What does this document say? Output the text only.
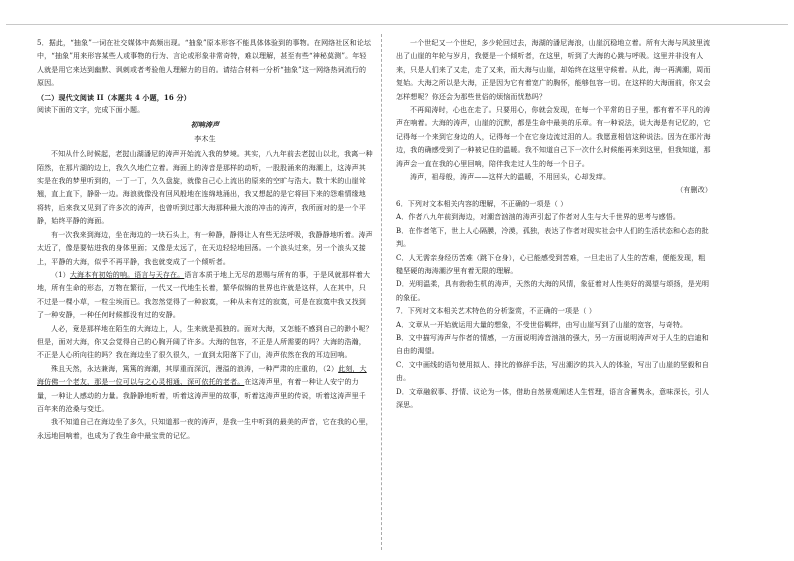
5．据此，“抽象”一词在社交媒体中高频出现。“抽象”原本形容不能具体体验到的事物。在网络社区和论坛中，“抽象”用来形容某些人或事物的行为、言论或形象非常奇特，难以理解，甚至有些“神秘莫测”。年轻人就是用它来达到幽默、讽刺或者考验他人理解力的目的。请结合材料一分析“抽象”这一网络热词流行的原因。

（二）现代文阅读 II（本题共 4 小题，16 分）

阅读下面的文字，完成下面小题。

初响涛声

李木生

不知从什么时候起，老挝山湖潘尼的涛声开始流入我的梦境。其实，八九年前去老挝山以北，我离一种陌然，在那片湖的边上，我久久地伫立着。海面上的涛音是那样的动听，一股股涌来的海潮上，这涛声其实是在我的梦里听到的，一丁一丁，久久盘旋，就像自己心上流出的原来的空旷与浩大。数十米的山崖耸翘，直上直下，静卧一边。海浪就像没有回风般地在连绵地涌出，我又想起的是它将回下来的怨难情缘地将转，后来我又见到了许多次的涛声，也曾听到过那大海那种最大浪的冲击的涛声，我所面对的是一个平静，始终平静的海面。

有一次我来到海边，坐在海边的一块石头上，有一种静，静得让人有些无法呼吸，我静静地听着。涛声太近了，像是要钻进我的身体里面；又像是太远了，在天边轻轻地回荡。一个浪头过来，另一个浪头又接上，平静的大海，似乎不再平静，我也就变成了一个倾听者。

（1）大海本有初始的响。语言与天存在。语言本质于地上无尽的恩赐与所有的事，于是风就那样着大地，所有生命的形态，万物在繁衍，一代又一代地生长着，繁华似锦的世界也许就是这样，人在其中，只不过是一棵小草，一粒尘埃而已。我忽然觉得了一种寂寞，一种从未有过的寂寞，可是在寂寞中我又找到了一种安静，一种任何时候都没有过的安静。

人必，竟是那样地在陌生的大海边上，人，生来就是孤独的。面对大海，又怎能不感到自己的渺小呢？但是，面对大海，你又会觉得自己的心胸开阔了许多。大海的包容，不正是人所需要的吗？大海的浩瀚，不正是人心所向往的吗？我在海边坐了很久很久，一直到太阳落下了山，涛声依然在我的耳边回响。

殊且天然，永达兼海，篤篤的海潮，其厚重而深沉，漫溢的浪涛，一种严肃的庄重的，（2）此刻，大海仿佛一个老友，那是一位可以与之心灵相通、深可依托的老者。在这涛声里，有着一种让人安宁的力量，一种让人感动的力量。我静静地听着，听着这涛声里的故事，听着这涛声里的传说，听着这涛声里千百年来的沧桑与变迁。

我不知道自己在海边坐了多久，只知道那一夜的涛声，是我一生中听到的最美的声音，它在我的心里，永远地回响着，也成为了我生命中最宝贵的记忆。

一个世纪又一个世纪，多少轮回过去，海湖的潘尼海浪，山崖沉稳地立着。所有大海与风波里流出了山崖的年轮与岁月，我便是一个倾听者，在这里，听到了大海的心跳与呼吸。这里并非没有人来，只是人们来了又走，走了又来，而大海与山崖，却始终在这里守候着。从此，海一再满潮，周而复始。大海之所以是大海，正是因为它有着宽广的胸怀，能够包容一切。在这样的大海面前，你又会怎样想呢？你还会为那些世俗的烦恼而忧愁吗？

不再闻涛时，心也在走了。只要用心，你就会发现，在每一个平常的日子里，都有着不平凡的涛声在响着。大海的涛声，山崖的沉默，都是生命中最美的乐章。有一种说法，说大海是有记忆的，它记得每一个来到它身边的人，记得每一个在它身边流过泪的人。我愿意相信这种说法。因为在那片海边，我的确感受到了一种被记住的温暖。我不知道自己下一次什么时候能再来到这里，但我知道，那涛声会一直在我的心里回响，陪伴我走过人生的每一个日子。

涛声，祖母般，涛声——这样大的温暖，不用回头，心却发痒。

（有删改）

6．下列对文本相关内容的理解，不正确的一项是（ ）

A．作者八九年前到海边，对潮音汹汹的涛声引起了作者对人生与大千世界的思考与感悟。

B．在作者笔下，世上人心隔膜，冷漠，孤独，表达了作者对现实社会中人们的生活状态和心态的批判。

C．人无需亲身经历苦难（跳下仓身），心已能感受到苦难，一旦走出了人生的苦难，便能发现，粗糙坚硬的海涛潮汐里有着无限的理解。

D．光明温柔，具有勃勃生机的涛声，天然的大海的风情，象征着对人性美好的渴望与颂扬，是光明的象征。

7．下列对文本相关艺术特色的分析鉴赏，不正确的一项是（ ）

A．文章从一开始就运用大量的想象，不受世俗羁绊，由写山崖写到了山崖的宽容，与奇特。

B．文中描写涛声与作者的情感，一方面说明涛音汹汹的强大，另一方面说明涛声对于人生的启迪和自由的渴望。

C．文中画线的语句使用拟人、排比的修辞手法，写出潮汐的共入人的体验，写出了山崖的坚毅和自由。

D．文章融叙事、抒情、议论为一体，借助自然景观阐述人生哲理，语言含蓄隽永，意味深长，引人深思。
